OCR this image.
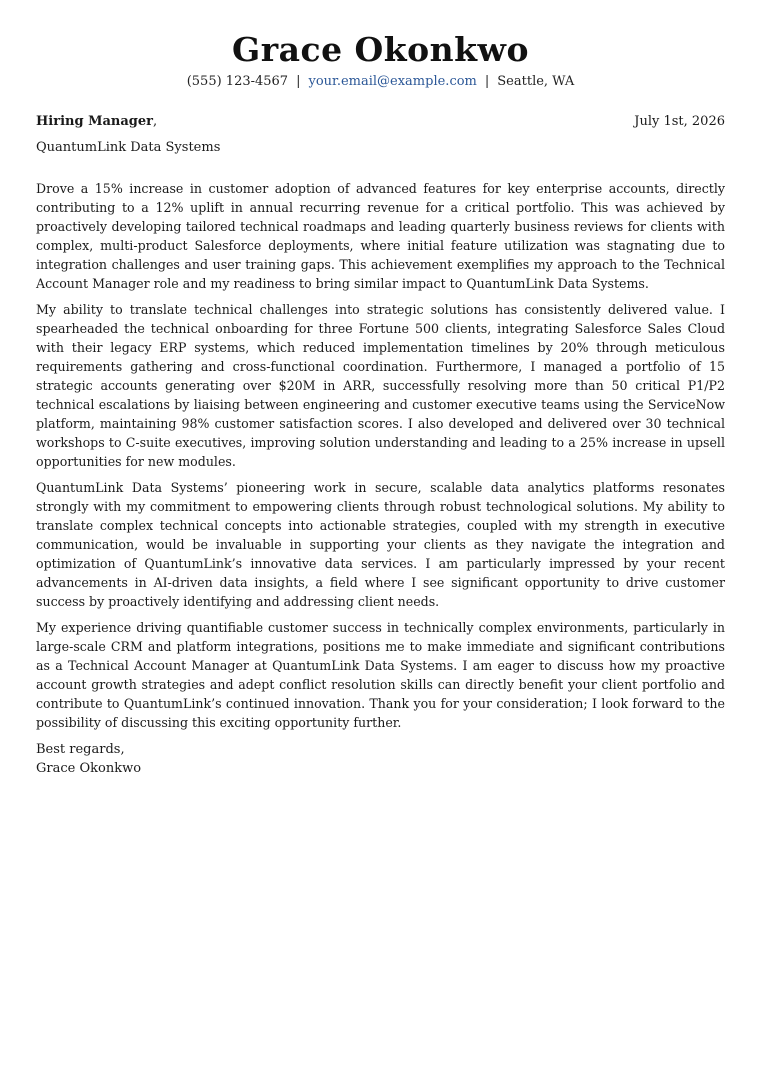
Grace Okonkwo
(555) 123-4567 | your.email@example.com | Seattle, WA
Hiring Manager,	July 1st, 2026
QuantumLink Data Systems

Drove a 15% increase in customer adoption of advanced features for key enterprise accounts, directly contributing to a 12% uplift in annual recurring revenue for a critical portfolio. This was achieved by proactively developing tailored technical roadmaps and leading quarterly business reviews for clients with complex, multi-product Salesforce deployments, where initial feature utilization was stagnating due to integration challenges and user training gaps. This achievement exemplifies my approach to the Technical Account Manager role and my readiness to bring similar impact to QuantumLink Data Systems.

My ability to translate technical challenges into strategic solutions has consistently delivered value. I spearheaded the technical onboarding for three Fortune 500 clients, integrating Salesforce Sales Cloud with their legacy ERP systems, which reduced implementation timelines by 20% through meticulous requirements gathering and cross-functional coordination. Furthermore, I managed a portfolio of 15 strategic accounts generating over $20M in ARR, successfully resolving more than 50 critical P1/P2 technical escalations by liaising between engineering and customer executive teams using the ServiceNow platform, maintaining 98% customer satisfaction scores. I also developed and delivered over 30 technical workshops to C-suite executives, improving solution understanding and leading to a 25% increase in upsell opportunities for new modules.

QuantumLink Data Systems’ pioneering work in secure, scalable data analytics platforms resonates strongly with my commitment to empowering clients through robust technological solutions. My ability to translate complex technical concepts into actionable strategies, coupled with my strength in executive communication, would be invaluable in supporting your clients as they navigate the integration and optimization of QuantumLink’s innovative data services. I am particularly impressed by your recent advancements in AI-driven data insights, a field where I see significant opportunity to drive customer success by proactively identifying and addressing client needs.

My experience driving quantifiable customer success in technically complex environments, particularly in large-scale CRM and platform integrations, positions me to make immediate and significant contributions as a Technical Account Manager at QuantumLink Data Systems. I am eager to discuss how my proactive account growth strategies and adept conflict resolution skills can directly benefit your client portfolio and contribute to QuantumLink’s continued innovation. Thank you for your consideration; I look forward to the possibility of discussing this exciting opportunity further.

Best regards,
Grace Okonkwo
